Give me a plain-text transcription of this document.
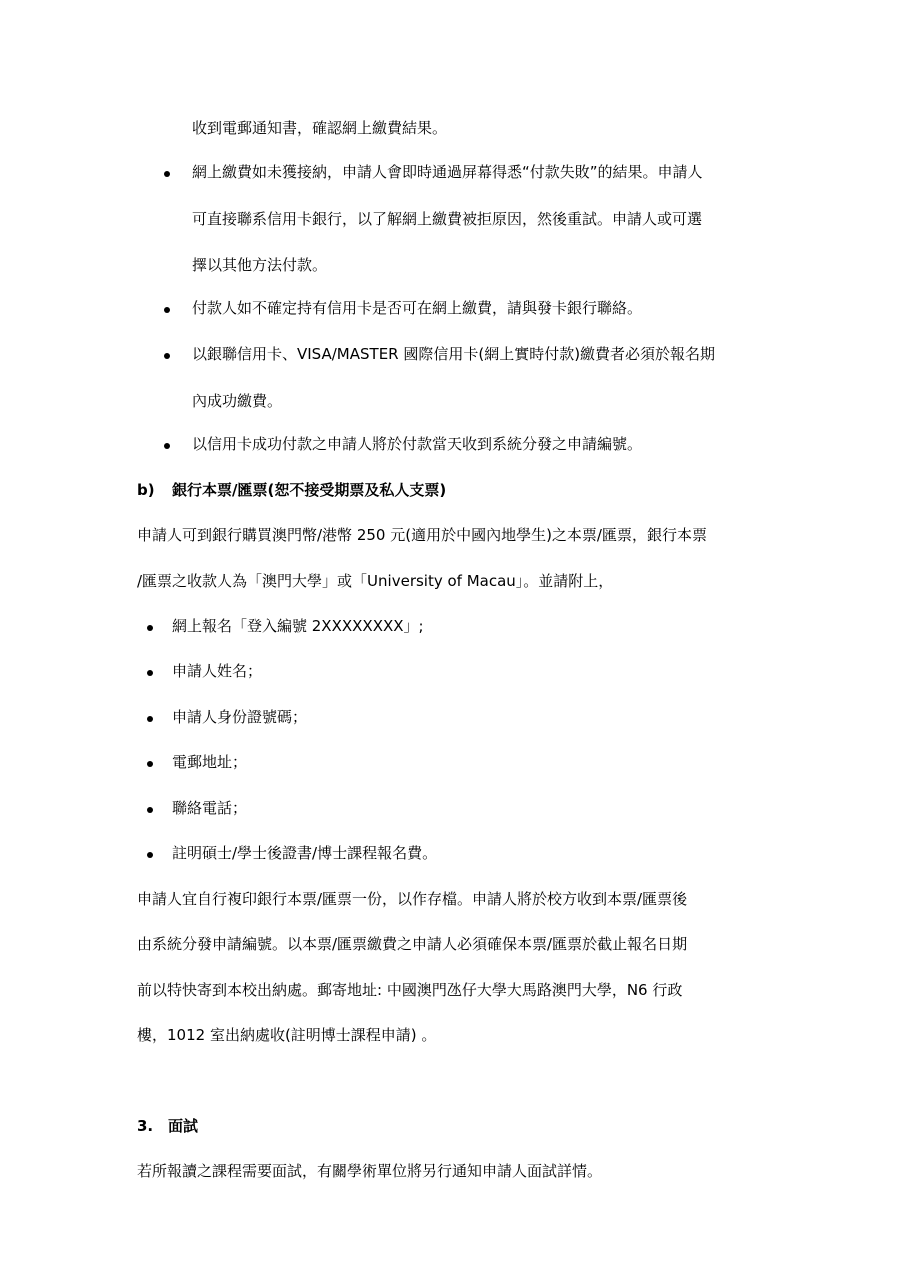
收到電郵通知書，確認網上繳費結果。
網上繳費如未獲接納，申請人會即時通過屏幕得悉“付款失敗”的結果。申請人
可直接聯系信用卡銀行，以了解網上繳費被拒原因，然後重試。申請人或可選
擇以其他方法付款。
付款人如不確定持有信用卡是否可在網上繳費，請與發卡銀行聯絡。
以銀聯信用卡、VISA/MASTER 國際信用卡(網上實時付款)繳費者必須於報名期
內成功繳費。
以信用卡成功付款之申請人將於付款當天收到系統分發之申請編號。
b) 銀行本票/匯票(恕不接受期票及私人支票)
申請人可到銀行購買澳門幣/港幣 250 元(適用於中國內地學生)之本票/匯票，銀行本票
/匯票之收款人為「澳門大學」或「University of Macau」。並請附上，
網上報名「登入編號 2XXXXXXXX」;
申請人姓名；
申請人身份證號碼；
電郵地址；
聯絡電話；
註明碩士/學士後證書/博士課程報名費。
申請人宜自行複印銀行本票/匯票一份，以作存檔。申請人將於校方收到本票/匯票後
由系統分發申請編號。以本票/匯票繳費之申請人必須確保本票/匯票於截止報名日期
前以特快寄到本校出納處。郵寄地址: 中國澳門氹仔大學大馬路澳門大學，N6 行政
樓，1012 室出納處收(註明博士課程申請) 。
3. 面試
若所報讀之課程需要面試，有關學術單位將另行通知申請人面試詳情。
